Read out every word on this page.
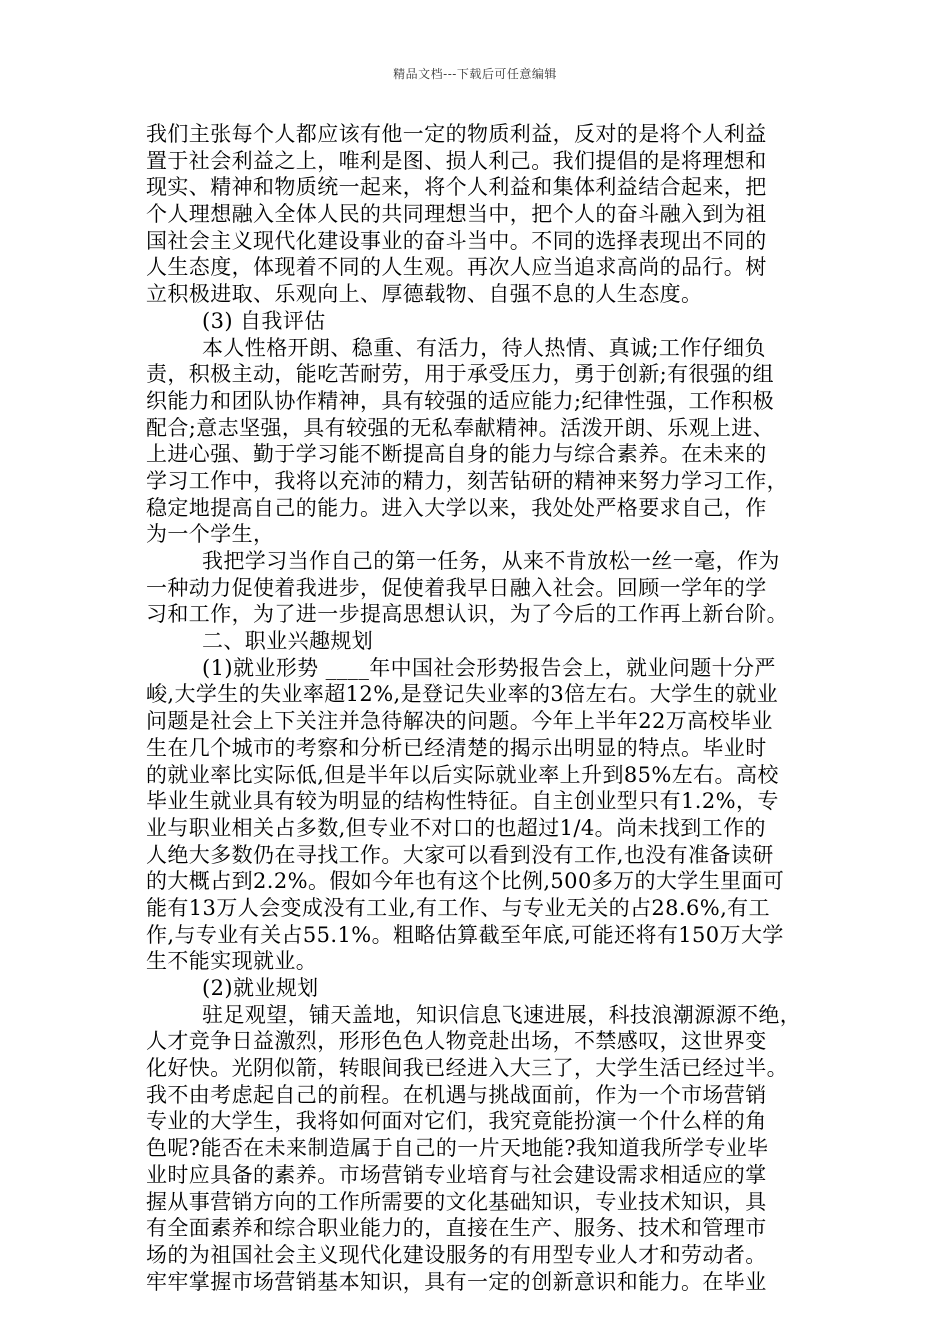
精品文档---下载后可任意编辑
我们主张每个人都应该有他一定的物质利益，反对的是将个人利益
置于社会利益之上，唯利是图、损人利己。我们提倡的是将理想和
现实、精神和物质统一起来，将个人利益和集体利益结合起来，把
个人理想融入全体人民的共同理想当中，把个人的奋斗融入到为祖
国社会主义现代化建设事业的奋斗当中。不同的选择表现出不同的
人生态度，体现着不同的人生观。再次人应当追求高尚的品行。树
立积极进取、乐观向上、厚德载物、自强不息的人生态度。
(3) 自我评估
本人性格开朗、稳重、有活力，待人热情、真诚;工作仔细负
责，积极主动，能吃苦耐劳，用于承受压力，勇于创新;有很强的组
织能力和团队协作精神，具有较强的适应能力;纪律性强，工作积极
配合;意志坚强，具有较强的无私奉献精神。活泼开朗、乐观上进、
上进心强、勤于学习能不断提高自身的能力与综合素养。在未来的
学习工作中，我将以充沛的精力，刻苦钻研的精神来努力学习工作，
稳定地提高自己的能力。进入大学以来，我处处严格要求自己，作
为一个学生，
我把学习当作自己的第一任务，从来不肯放松一丝一毫，作为
一种动力促使着我进步，促使着我早日融入社会。回顾一学年的学
习和工作，为了进一步提高思想认识，为了今后的工作再上新台阶。
二、职业兴趣规划
(1)就业形势 ____年中国社会形势报告会上，就业问题十分严
峻,大学生的失业率超12%,是登记失业率的3倍左右。大学生的就业
问题是社会上下关注并急待解决的问题。今年上半年22万高校毕业
生在几个城市的考察和分析已经清楚的揭示出明显的特点。毕业时
的就业率比实际低,但是半年以后实际就业率上升到85%左右。高校
毕业生就业具有较为明显的结构性特征。自主创业型只有1.2%，专
业与职业相关占多数,但专业不对口的也超过1/4。尚未找到工作的
人绝大多数仍在寻找工作。大家可以看到没有工作,也没有准备读研
的大概占到2.2%。假如今年也有这个比例,500多万的大学生里面可
能有13万人会变成没有工业,有工作、与专业无关的占28.6%,有工
作,与专业有关占55.1%。粗略估算截至年底,可能还将有150万大学
生不能实现就业。
(2)就业规划
驻足观望，铺天盖地，知识信息飞速进展，科技浪潮源源不绝，
人才竞争日益激烈，形形色色人物竞赴出场，不禁感叹，这世界变
化好快。光阴似箭，转眼间我已经进入大三了，大学生活已经过半。
我不由考虑起自己的前程。在机遇与挑战面前，作为一个市场营销
专业的大学生，我将如何面对它们，我究竟能扮演一个什么样的角
色呢?能否在未来制造属于自己的一片天地能?我知道我所学专业毕
业时应具备的素养。市场营销专业培育与社会建设需求相适应的掌
握从事营销方向的工作所需要的文化基础知识，专业技术知识，具
有全面素养和综合职业能力的，直接在生产、服务、技术和管理市
场的为祖国社会主义现代化建设服务的有用型专业人才和劳动者。
牢牢掌握市场营销基本知识，具有一定的创新意识和能力。在毕业
